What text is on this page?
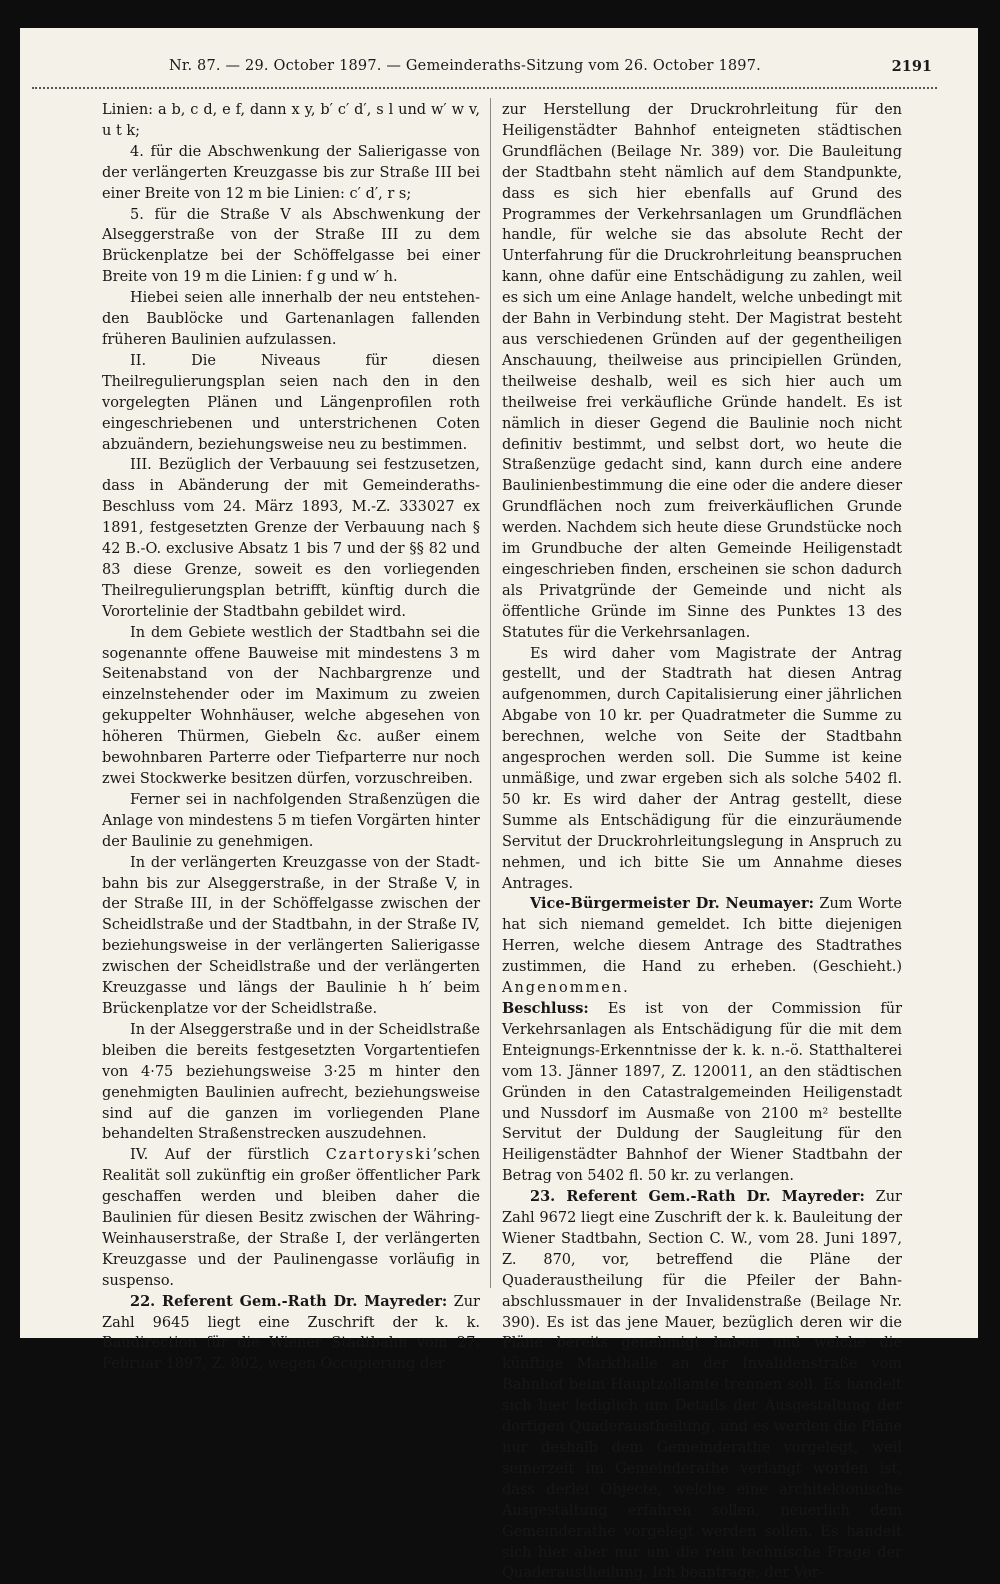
Nr. 87. — 29. October 1897. — Gemeinderaths-Sitzung vom 26. October 1897.	2191

Linien: a b, c d, e f, dann x y, b′ c′ d′, s l und w′ w v, u t k;

4. für die Abschwenkung der Salierigasse von der verlängerten Kreuzgasse bis zur Straße III bei einer Breite von 12 m bie Linien: c′ d′, r s;

5. für die Straße V als Abschwenkung der Alseggerstraße von der Straße III zu dem Brückenplatze bei der Schöffelgasse bei einer Breite von 19 m die Linien: f g und w′ h.

Hiebei seien alle innerhalb der neu entstehenden Baublöcke und Gartenanlagen fallenden früheren Baulinien aufzulassen.

II. Die Niveaus für diesen Theilregulierungsplan seien nach den in den vorgelegten Plänen und Längenprofilen roth eingeschriebenen und unterstrichenen Coten abzuändern, beziehungsweise neu zu bestimmen.

III. Bezüglich der Verbauung sei festzusetzen, dass in Abänderung der mit Gemeinderaths-Beschluss vom 24. März 1893, M.-Z. 333027 ex 1891, festgesetzten Grenze der Verbauung nach § 42 B.-O. exclusive Absatz 1 bis 7 und der §§ 82 und 83 diese Grenze, soweit es den vorliegenden Theilregulierungsplan betrifft, künftig durch die Vorortelinie der Stadtbahn gebildet wird.

In dem Gebiete westlich der Stadtbahn sei die sogenannte offene Bauweise mit mindestens 3 m Seitenabstand von der Nachbargrenze und einzelnstehender oder im Maximum zu zweien gekuppelter Wohnhäuser, welche abgesehen von höheren Thürmen, Giebeln &c. außer einem bewohnbaren Parterre oder Tiefparterre nur noch zwei Stockwerke besitzen dürfen, vorzuschreiben.

Ferner sei in nachfolgenden Straßenzügen die Anlage von mindestens 5 m tiefen Vorgärten hinter der Baulinie zu genehmigen.

In der verlängerten Kreuzgasse von der Stadtbahn bis zur Alseggerstraße, in der Straße V, in der Straße III, in der Schöffelgasse zwischen der Scheidlstraße und der Stadtbahn, in der Straße IV, beziehungsweise in der verlängerten Salierigasse zwischen der Scheidlstraße und der verlängerten Kreuzgasse und längs der Baulinie h h′ beim Brückenplatze vor der Scheidlstraße.

In der Alseggerstraße und in der Scheidlstraße bleiben die bereits festgesetzten Vorgartentiefen von 4·75 beziehungsweise 3·25 m hinter den genehmigten Baulinien aufrecht, beziehungsweise sind auf die ganzen im vorliegenden Plane behandelten Straßenstrecken auszudehnen.

IV. Auf der fürstlich Czartoryski’schen Realität soll zukünftig ein großer öffentlicher Park geschaffen werden und bleiben daher die Baulinien für diesen Besitz zwischen der Währing-Weinhauserstraße, der Straße I, der verlängerten Kreuzgasse und der Paulinengasse vorläufig in suspenso.

22. Referent Gem.-Rath Dr. Mayreder: Zur Zahl 9645 liegt eine Zuschrift der k. k. Baudirection für die Wiener Stadtbahn vom 27. Februar 1897, Z. 802, wegen Occupierung der

zur Herstellung der Druckrohrleitung für den Heiligenstädter Bahnhof enteigneten städtischen Grundflächen (Beilage Nr. 389) vor. Die Bauleitung der Stadtbahn steht nämlich auf dem Standpunkte, dass es sich hier ebenfalls auf Grund des Programmes der Verkehrsanlagen um Grundflächen handle, für welche sie das absolute Recht der Unterfahrung für die Druckrohrleitung beanspruchen kann, ohne dafür eine Entschädigung zu zahlen, weil es sich um eine Anlage handelt, welche unbedingt mit der Bahn in Verbindung steht. Der Magistrat besteht aus verschiedenen Gründen auf der gegentheiligen Anschauung, theilweise aus principiellen Gründen, theilweise deshalb, weil es sich hier auch um theilweise frei verkäufliche Gründe handelt. Es ist nämlich in dieser Gegend die Baulinie noch nicht definitiv bestimmt, und selbst dort, wo heute die Straßenzüge gedacht sind, kann durch eine andere Baulinienbestimmung die eine oder die andere dieser Grundflächen noch zum freiverkäuflichen Grunde werden. Nachdem sich heute diese Grundstücke noch im Grundbuche der alten Gemeinde Heiligenstadt eingeschrieben finden, erscheinen sie schon dadurch als Privatgründe der Gemeinde und nicht als öffentliche Gründe im Sinne des Punktes 13 des Statutes für die Verkehrsanlagen.

Es wird daher vom Magistrate der Antrag gestellt, und der Stadtrath hat diesen Antrag aufgenommen, durch Capitalisierung einer jährlichen Abgabe von 10 kr. per Quadratmeter die Summe zu berechnen, welche von Seite der Stadtbahn angesprochen werden soll. Die Summe ist keine unmäßige, und zwar ergeben sich als solche 5402 fl. 50 kr. Es wird daher der Antrag gestellt, diese Summe als Entschädigung für die einzuräumende Servitut der Druckrohrleitungslegung in Anspruch zu nehmen, und ich bitte Sie um Annahme dieses Antrages.

Vice-Bürgermeister Dr. Neumayer: Zum Worte hat sich niemand gemeldet. Ich bitte diejenigen Herren, welche diesem Antrage des Stadtrathes zustimmen, die Hand zu erheben. (Geschieht.) Angenommen.

Beschluss: Es ist von der Commission für Verkehrsanlagen als Entschädigung für die mit dem Enteignungs-Erkenntnisse der k. k. n.-ö. Statthalterei vom 13. Jänner 1897, Z. 120011, an den städtischen Gründen in den Catastralgemeinden Heiligenstadt und Nussdorf im Ausmaße von 2100 m² bestellte Servitut der Duldung der Saugleitung für den Heiligenstädter Bahnhof der Wiener Stadtbahn der Betrag von 5402 fl. 50 kr. zu verlangen.

23. Referent Gem.-Rath Dr. Mayreder: Zur Zahl 9672 liegt eine Zuschrift der k. k. Bauleitung der Wiener Stadtbahn, Section C. W., vom 28. Juni 1897, Z. 870, vor, betreffend die Pläne der Quaderaustheilung für die Pfeiler der Bahnabschlussmauer in der Invalidenstraße (Beilage Nr. 390). Es ist das jene Mauer, bezüglich deren wir die Pläne bereits genehmigt haben und welche die künftige Markthalle an der Invalidenstraße vom Bahnhof beim Hauptzollamte trennen soll. Es handelt sich hier lediglich um Details der Ausgestaltung der dortigen Quaderaustheilung, und es werden die Pläne nur deshalb dem Gemeinderathe vorgelegt, weil seinerzeit im Gemeinderathe verlangt worden ist, dass derlei Objecte, welche eine architektonische Ausgestaltung erfahren sollen, neuerlich dem Gemeinderathe vorgelegt werden sollen. Es handelt sich hier aber nur um die rein technische Frage der Quaderaustheilung. Ich beantrage, der Vor-
